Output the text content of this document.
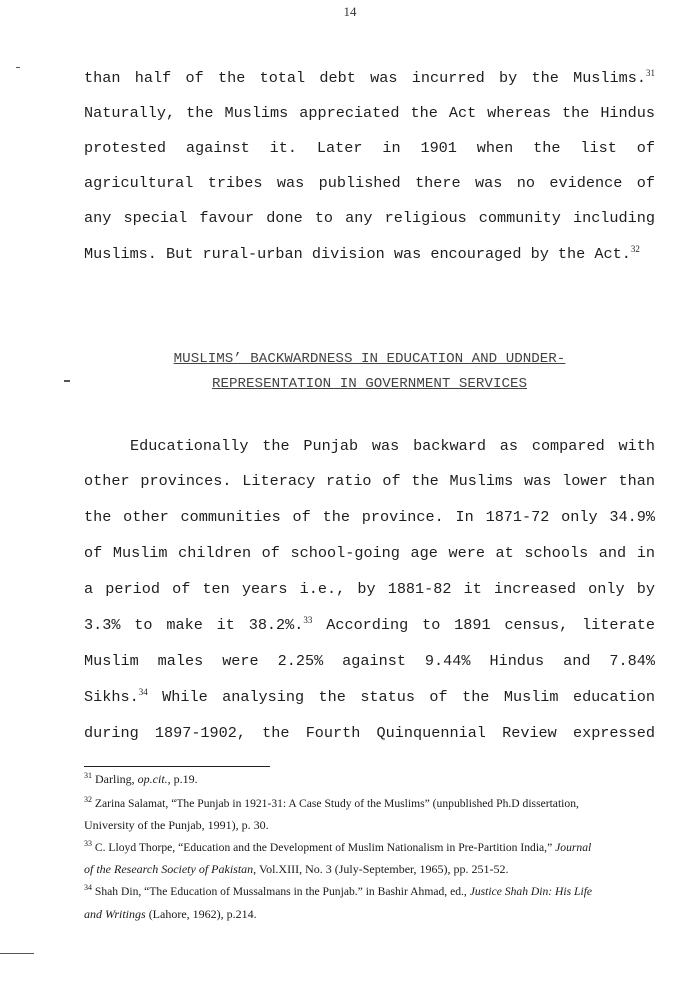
14
than half of the total debt was incurred by the Muslims.$^{31}$
Naturally, the Muslims appreciated the Act whereas the Hindus
protested against it. Later in 1901 when the list of
agricultural tribes was published there was no evidence of
any special favour done to any religious community including
Muslims. But rural-urban division was encouraged by the Act.$^{32}$
MUSLIMS’ BACKWARDNESS IN EDUCATION AND UDNDER-
REPRESENTATION IN GOVERNMENT SERVICES
Educationally the Punjab was backward as compared with
other provinces. Literacy ratio of the Muslims was lower than
the other communities of the province. In 1871-72 only 34.9%
of Muslim children of school-going age were at schools and in
a period of ten years i.e., by 1881-82 it increased only by
3.3% to make it 38.2%.$^{33}$ According to 1891 census, literate
Muslim males were 2.25% against 9.44% Hindus and 7.84%
Sikhs.$^{34}$ While analysing the status of the Muslim education
during 1897-1902, the Fourth Quinquennial Review expressed
$^{31}$ Darling, op.cit., p.19.
$^{32}$ Zarina Salamat, “The Punjab in 1921-31: A Case Study of the Muslims” (unpublished Ph.D dissertation,
University of the Punjab, 1991), p. 30.
$^{33}$ C. Lloyd Thorpe, “Education and the Development of Muslim Nationalism in Pre-Partition India,” Journal
of the Research Society of Pakistan, Vol.XIII, No. 3 (July-September, 1965), pp. 251-52.
$^{34}$ Shah Din, “The Education of Mussalmans in the Punjab.” in Bashir Ahmad, ed., Justice Shah Din: His Life
and Writings (Lahore, 1962), p.214.
